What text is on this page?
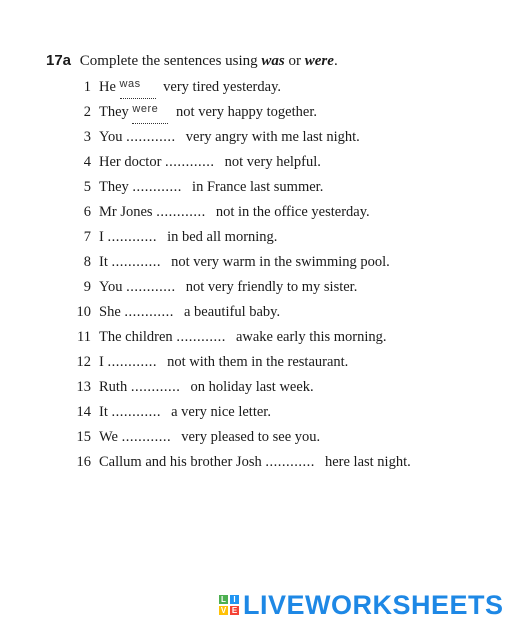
17a Complete the sentences using was or were.
1 He was very tired yesterday.
2 They were not very happy together.
3 You ............ very angry with me last night.
4 Her doctor ............ not very helpful.
5 They ............ in France last summer.
6 Mr Jones ............ not in the office yesterday.
7 I ............ in bed all morning.
8 It ............ not very warm in the swimming pool.
9 You ............ not very friendly to my sister.
10 She ............ a beautiful baby.
11 The children ............ awake early this morning.
12 I ............ not with them in the restaurant.
13 Ruth ............ on holiday last week.
14 It ............ a very nice letter.
15 We ............ very pleased to see you.
16 Callum and his brother Josh ............ here last night.
L I
V E LIVEWORKSHEETS
